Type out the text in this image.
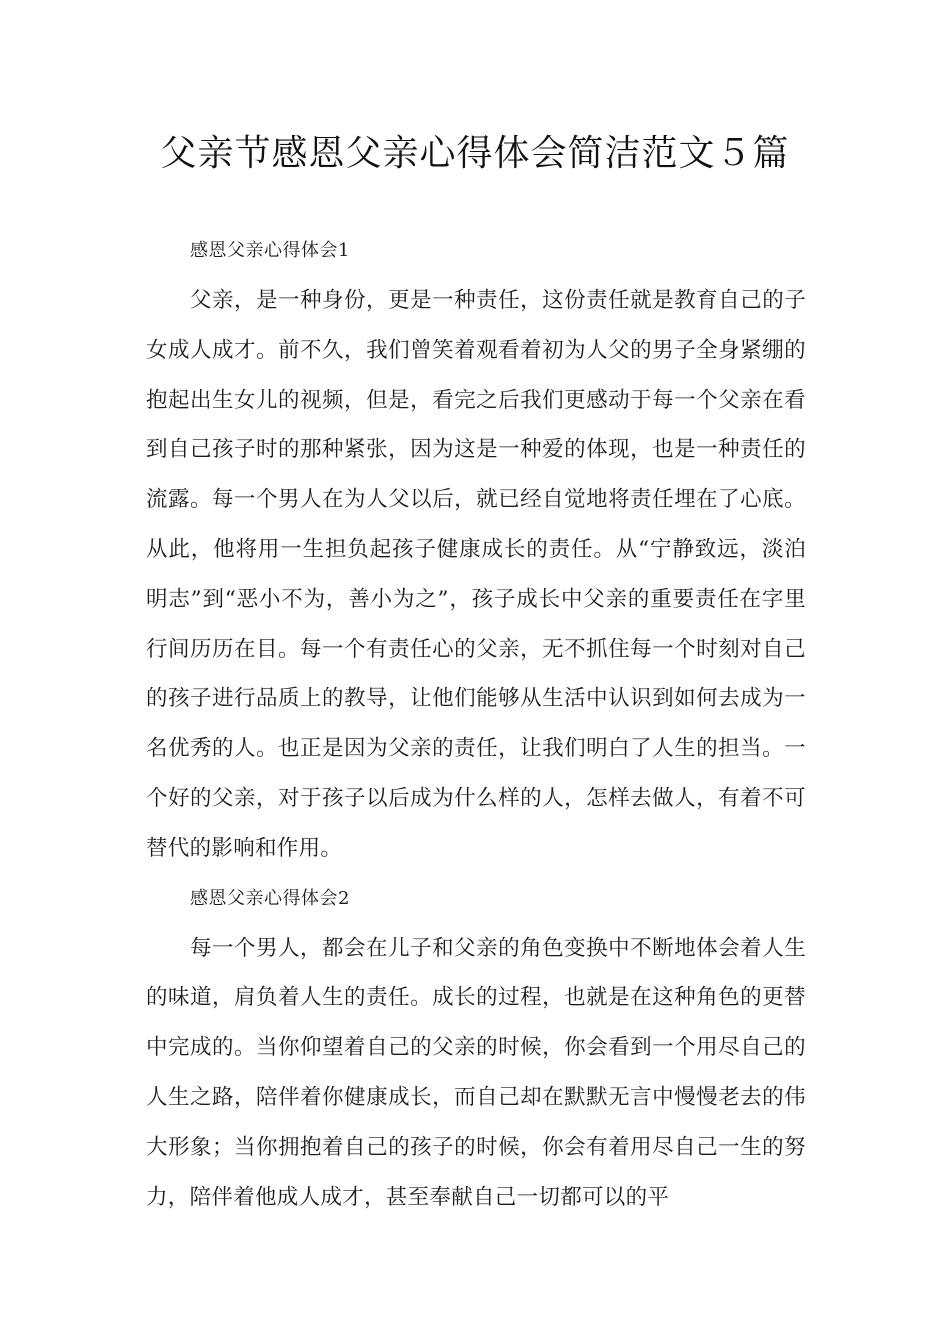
父亲节感恩父亲心得体会简洁范文５篇

感恩父亲心得体会1

父亲，是一种身份，更是一种责任，这份责任就是教育自己的子女成人成才。前不久，我们曾笑着观看着初为人父的男子全身紧绷的抱起出生女儿的视频，但是，看完之后我们更感动于每一个父亲在看到自己孩子时的那种紧张，因为这是一种爱的体现，也是一种责任的流露。每一个男人在为人父以后，就已经自觉地将责任埋在了心底。从此，他将用一生担负起孩子健康成长的责任。从“宁静致远，淡泊明志”到“恶小不为，善小为之”，孩子成长中父亲的重要责任在字里行间历历在目。每一个有责任心的父亲，无不抓住每一个时刻对自己的孩子进行品质上的教导，让他们能够从生活中认识到如何去成为一名优秀的人。也正是因为父亲的责任，让我们明白了人生的担当。一个好的父亲，对于孩子以后成为什么样的人，怎样去做人，有着不可替代的影响和作用。

感恩父亲心得体会2

每一个男人，都会在儿子和父亲的角色变换中不断地体会着人生的味道，肩负着人生的责任。成长的过程，也就是在这种角色的更替中完成的。当你仰望着自己的父亲的时候，你会看到一个用尽自己的人生之路，陪伴着你健康成长，而自己却在默默无言中慢慢老去的伟大形象；当你拥抱着自己的孩子的时候，你会有着用尽自己一生的努力，陪伴着他成人成才，甚至奉献自己一切都可以的平
